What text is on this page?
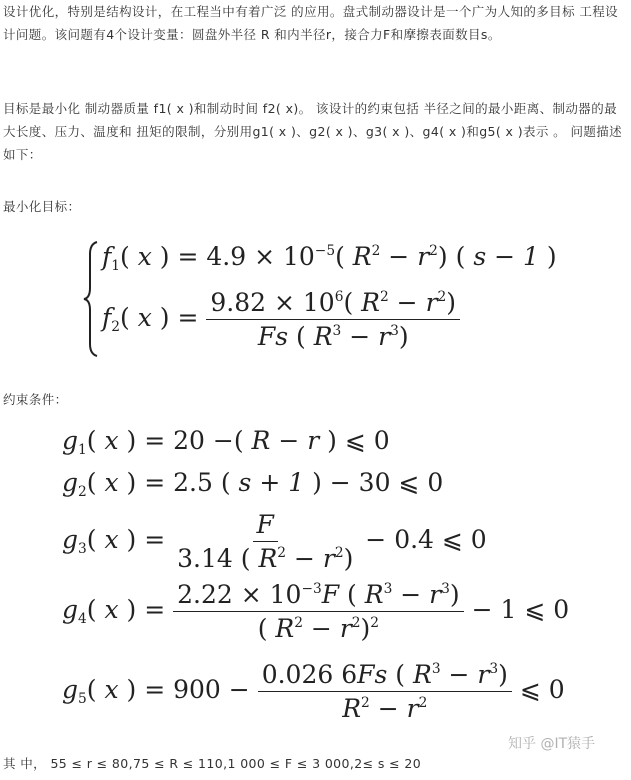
设计优化，特别是结构设计，在工程当中有着广泛 的应用。盘式制动器设计是一个广为人知的多目标 工程设计问题。该问题有4个设计变量：圆盘外半径 R 和内半径r，接合力F和摩擦表面数目s。
目标是最小化 制动器质量 f1( x )和制动时间 f2( x)。 该设计的约束包括 半径之间的最小距离、制动器的最大长度、压力、温度和 扭矩的限制，分别用g1( x )、g2( x )、g3( x )、g4( x )和g5( x )表示 。 问题描述如下：
最小化目标：
f1( x ) = $4.9 \times 10^{-5}$( $R^2 - r^2$) ( s − 1 )
f2( x ) = $\frac{9.82 \times 10^6( R^2 - r^2)}{Fs ( R^3 - r^3)}$
约束条件：
g1( x ) = 20 −( R − r ) ⩽ 0
g2( x ) = 2.5 ( s + 1 ) − 30 ⩽ 0
g3( x ) = $\frac{F}{3.14 ( R^2 - r^2)} - 0.4$ ⩽ 0
g4( x ) = $\frac{2.22 \times 10^{-3}F ( R^3 - r^3)}{( R^2 - r^2)^2} - 1$ ⩽ 0
g5( x ) = $900 - \frac{0.026 6Fs ( R^3 - r^3)}{R^2 - r^2}$ ⩽ 0
其 中， 55 ≤ r ≤ 80,75 ≤ R ≤ 110,1 000 ≤ F ≤ 3 000,2≤ s ≤ 20
知乎 @IT猿手
